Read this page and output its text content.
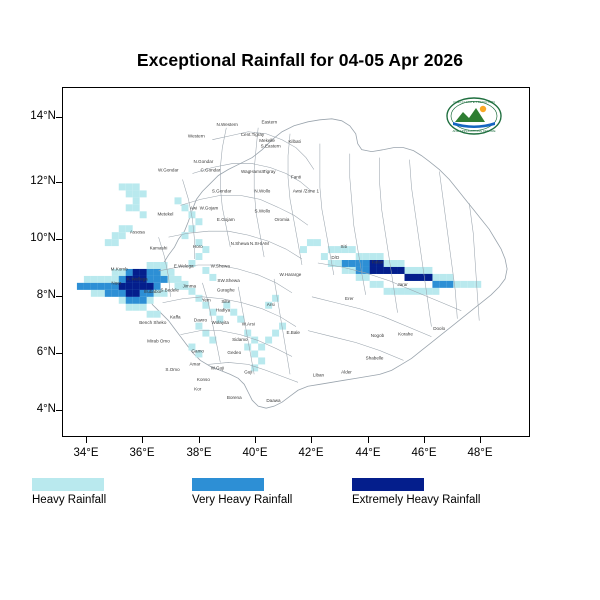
Exceptional Rainfall for 04-05 Apr 2026
14°N
12°N
10°N
8°N
6°N
4°N
34°E	36°E	38°E	40°E	42°E	44°E	46°E	48°E
N.Western
Eastern
Western	Cent.Tigray
Mekelle
S.Eastern
Kilbati
W.Gondar	C.Gondar	WagHamra Tigray
Fanti
N.Gondar
S.Gondar	N.Wollo	Awsi /Zone 1
Metekel
Awi W.Gojam
E.Gojam
S.Wollo
Oromia
Assosa
Kamashi	Horo
N.Shewa N.SH/AM
Siti
M.Komb
E.Welega	W.Shewa
D/D
Fafan
K.Wellega
Jimma
SW.Shewa
Guraghe
W.Hararge
Jarar
Erer
Illubabor
S.Bedele
Yem Silte
Hadiya
Arsi
Doolo
Bench Sheko
Kaffa
Dawro
Wolayita	W.Arsi
E.Bale	Korahe
Mirab Omo	Sidamo
Gamo	Gedeo
Shabelle
S.Omo
Amar
W.Guji
Guji
Liban
Alder
Konso
Kor
Borena
Daawa
Nogob
Nuer
IGAD CLIMATE PREDICTION
AND APPLICATIONS CENTRE
Heavy Rainfall	Very Heavy Rainfall	Extremely Heavy Rainfall
